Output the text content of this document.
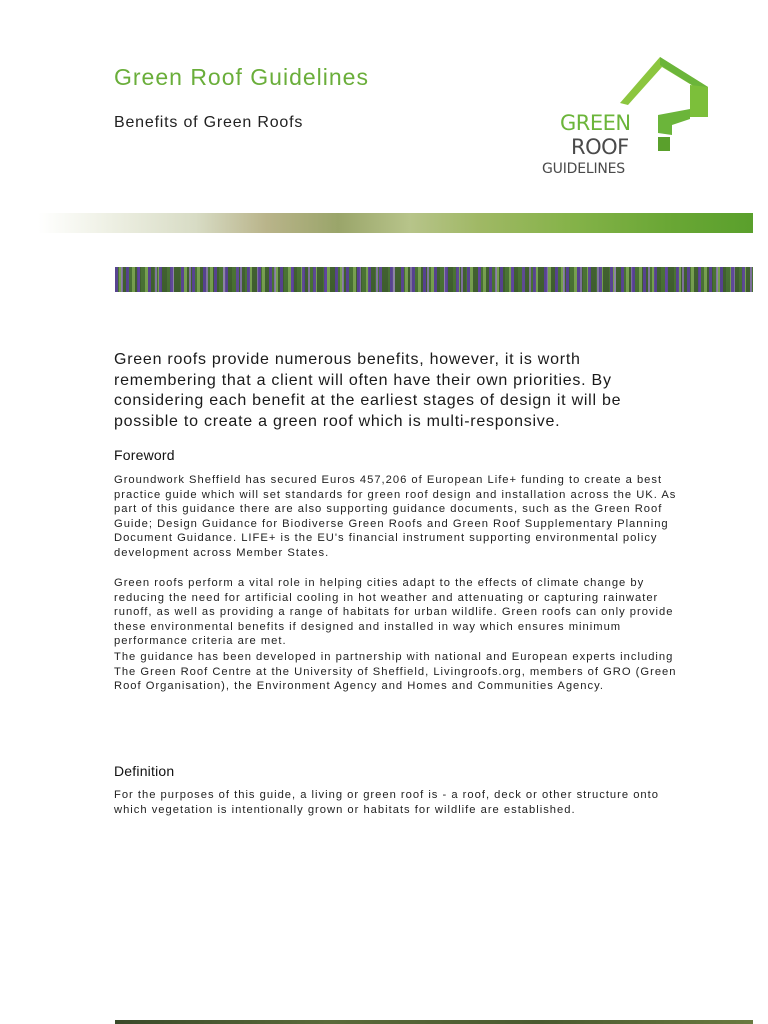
Green Roof Guidelines
Benefits of Green Roofs	GREEN
ROOF
GUIDELINES

Green roofs provide numerous benefits, however, it is worth remembering that a client will often have their own priorities. By considering each benefit at the earliest stages of design it will be possible to create a green roof which is multi-responsive.

Foreword

Groundwork Sheffield has secured Euros 457,206 of European Life+ funding to create a best practice guide which will set standards for green roof design and installation across the UK. As part of this guidance there are also supporting guidance documents, such as the Green Roof Guide; Design Guidance for Biodiverse Green Roofs and Green Roof Supplementary Planning Document Guidance. LIFE+ is the EU's financial instrument supporting environmental policy development across Member States.

Green roofs perform a vital role in helping cities adapt to the effects of climate change by reducing the need for artificial cooling in hot weather and attenuating or capturing rainwater runoff, as well as providing a range of habitats for urban wildlife. Green roofs can only provide these environmental benefits if designed and installed in way which ensures minimum performance criteria are met.

The guidance has been developed in partnership with national and European experts including The Green Roof Centre at the University of Sheffield, Livingroofs.org, members of GRO (Green Roof Organisation), the Environment Agency and Homes and Communities Agency.

Definition

For the purposes of this guide, a living or green roof is - a roof, deck or other structure onto which vegetation is intentionally grown or habitats for wildlife are established.
